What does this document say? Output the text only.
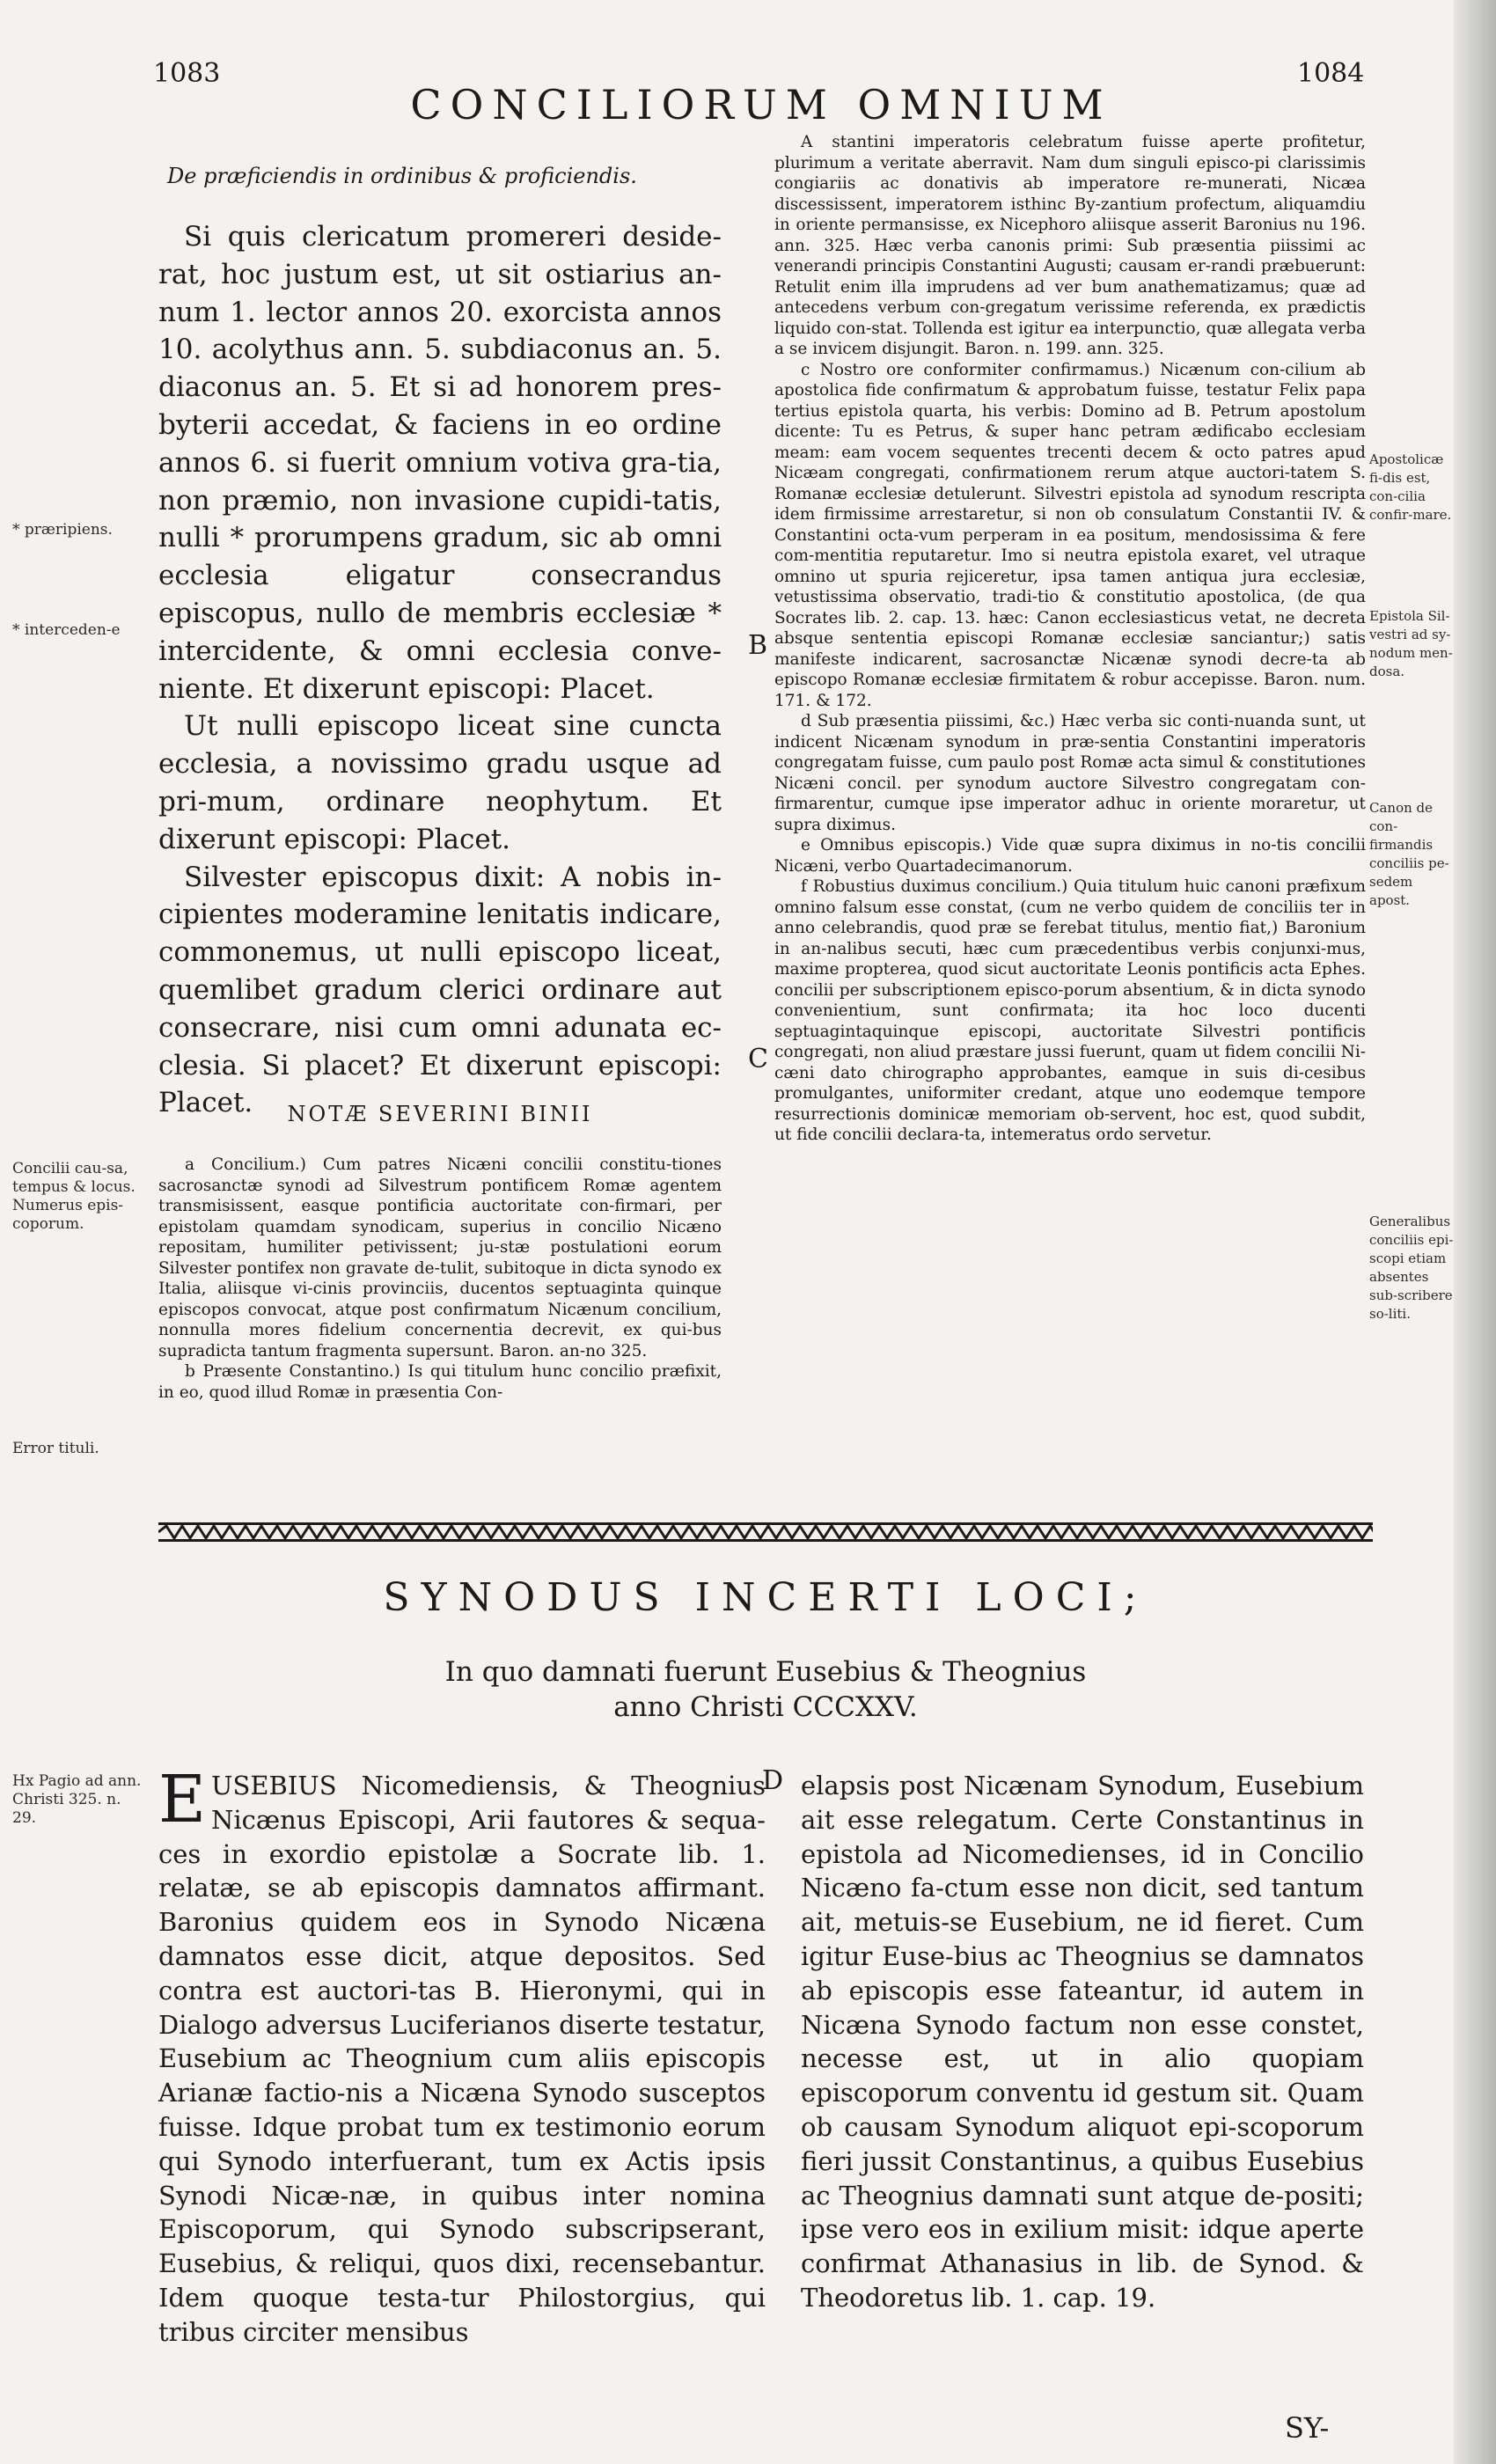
1083
CONCILIORUM OMNIUM
1084
De præficiendis in ordinibus & proficiendis.

Si quis clericatum promereri deside-rat, hoc justum est, ut sit ostiarius an-num 1. lector annos 20. exorcista annos 10. acolythus ann. 5. subdiaconus an. 5. diaconus an. 5. Et si ad honorem pres-byterii accedat, & faciens in eo ordine annos 6. si fuerit omnium votiva gra-tia, non præmio, non invasione cupidi-tatis, nulli * prorumpens gradum, sic ab omni ecclesia eligatur consecrandus episcopus, nullo de membris ecclesiæ * intercidente, & omni ecclesia conve-niente. Et dixerunt episcopi: Placet.

Ut nulli episcopo liceat sine cuncta ecclesia, a novissimo gradu usque ad pri-mum, ordinare neophytum. Et dixerunt episcopi: Placet.

Silvester episcopus dixit: A nobis in-cipientes moderamine lenitatis indicare, commonemus, ut nulli episcopo liceat, quemlibet gradum clerici ordinare aut consecrare, nisi cum omni adunata ec-clesia. Si placet? Et dixerunt episcopi: Placet.

* præripiens.
* interceden-e
NOTÆ SEVERINI BINII

a Concilium.) Cum patres Nicæni concilii constitu-tiones sacrosanctæ synodi ad Silvestrum pontificem Romæ agentem transmisissent, easque pontificia auctoritate con-firmari, per epistolam quamdam synodicam, superius in concilio Nicæno repositam, humiliter petivissent; ju-stæ postulationi eorum Silvester pontifex non gravate de-tulit, subitoque in dicta synodo ex Italia, aliisque vi-cinis provinciis, ducentos septuaginta quinque episcopos convocat, atque post confirmatum Nicænum concilium, nonnulla mores fidelium concernentia decrevit, ex qui-bus supradicta tantum fragmenta supersunt. Baron. an-no 325.

b Præsente Constantino.) Is qui titulum hunc concilio præfixit, in eo, quod illud Romæ in præsentia Con-

Concilii cau-sa, tempus & locus. Numerus epis-coporum.
Error tituli.

A stantini imperatoris celebratum fuisse aperte profitetur, plurimum a veritate aberravit. Nam dum singuli episco-pi clarissimis congiariis ac donativis ab imperatore re-munerati, Nicæa discessissent, imperatorem isthinc By-zantium profectum, aliquamdiu in oriente permansisse, ex Nicephoro aliisque asserit Baronius nu 196. ann. 325. Hæc verba canonis primi: Sub præsentia piissimi ac venerandi principis Constantini Augusti; causam er-randi præbuerunt: Retulit enim illa imprudens ad ver bum anathematizamus; quæ ad antecedens verbum con-gregatum verissime referenda, ex prædictis liquido con-stat. Tollenda est igitur ea interpunctio, quæ allegata verba a se invicem disjungit. Baron. n. 199. ann. 325.

c Nostro ore conformiter confirmamus.) Nicænum con-cilium ab apostolica fide confirmatum & approbatum fuisse, testatur Felix papa tertius epistola quarta, his verbis: Domino ad B. Petrum apostolum dicente: Tu es Petrus, & super hanc petram ædificabo ecclesiam meam: eam vocem sequentes trecenti decem & octo patres apud Nicæam congregati, confirmationem rerum atque auctori-tatem S. Romanæ ecclesiæ detulerunt. Silvestri epistola ad synodum rescripta idem firmissime arrestaretur, si non ob consulatum Constantii IV. & Constantini octa-vum perperam in ea positum, mendosissima & fere com-mentitia reputaretur. Imo si neutra epistola exaret, vel utraque omnino ut spuria rejiceretur, ipsa tamen antiqua jura ecclesiæ, vetustissima observatio, tradi-tio & constitutio apostolica, (de qua Socrates lib. 2. cap. 13. hæc: Canon ecclesiasticus vetat, ne decreta absque sententia episcopi Romanæ ecclesiæ sanciantur;) satis manifeste indicarent, sacrosanctæ Nicænæ synodi decre-ta ab episcopo Romanæ ecclesiæ firmitatem & robur accepisse. Baron. num. 171. & 172.

d Sub præsentia piissimi, &c.) Hæc verba sic conti-nuanda sunt, ut indicent Nicænam synodum in præ-sentia Constantini imperatoris congregatam fuisse, cum paulo post Romæ acta simul & constitutiones Nicæni concil. per synodum auctore Silvestro congregatam con-firmarentur, cumque ipse imperator adhuc in oriente moraretur, ut supra diximus.

e Omnibus episcopis.) Vide quæ supra diximus in no-tis concilii Nicæni, verbo Quartadecimanorum.

f Robustius duximus concilium.) Quia titulum huic canoni præfixum omnino falsum esse constat, (cum ne verbo quidem de conciliis ter in anno celebrandis, quod præ se ferebat titulus, mentio fiat,) Baronium in an-nalibus secuti, hæc cum præcedentibus verbis conjunxi-mus, maxime propterea, quod sicut auctoritate Leonis pontificis acta Ephes. concilii per subscriptionem episco-porum absentium, & in dicta synodo convenientium, sunt confirmata; ita hoc loco ducenti septuagintaquinque episcopi, auctoritate Silvestri pontificis congregati, non aliud præstare jussi fuerunt, quam ut fidem concilii Ni-cæni dato chirographo approbantes, eamque in suis di-cesibus promulgantes, uniformiter credant, atque uno eodemque tempore resurrectionis dominicæ memoriam ob-servent, hoc est, quod subdit, ut fide concilii declara-ta, intemeratus ordo servetur.

B
C
Apostolicæ fi-dis est, con-cilia confir-mare.
Epistola Sil-vestri ad sy-nodum men-dosa.
Canon de con-firmandis conciliis pe-sedem apost.
Generalibus conciliis epi-scopi etiam absentes sub-scribere so-liti.
SYNODUS INCERTI LOCI;
In quo damnati fuerunt Eusebius & Theognius
anno Christi CCCXXV.
Hx Pagio ad ann. Christi 325. n. 29.	E USEBIUS Nicomediensis, & Theognius Nicænus Episcopi, Arii fautores & sequa-ces in exordio epistolæ a Socrate lib. 1. relatæ, se ab episcopis damnatos affirmant. Baronius quidem eos in Synodo Nicæna damnatos esse dicit, atque depositos. Sed contra est auctori-tas B. Hieronymi, qui in Dialogo adversus Luciferianos diserte testatur, Eusebium ac Theognium cum aliis episcopis Arianæ factio-nis a Nicæna Synodo susceptos fuisse. Idque probat tum ex testimonio eorum qui Synodo interfuerant, tum ex Actis ipsis Synodi Nicæ-næ, in quibus inter nomina Episcoporum, qui Synodo subscripserant, Eusebius, & reliqui, quos dixi, recensebantur. Idem quoque testa-tur Philostorgius, qui tribus circiter mensibus

D elapsis post Nicænam Synodum, Eusebium ait esse relegatum. Certe Constantinus in epistola ad Nicomedienses, id in Concilio Nicæno fa-ctum esse non dicit, sed tantum ait, metuis-se Eusebium, ne id fieret. Cum igitur Euse-bius ac Theognius se damnatos ab episcopis esse fateantur, id autem in Nicæna Synodo factum non esse constet, necesse est, ut in alio quopiam episcoporum conventu id gestum sit. Quam ob causam Synodum aliquot epi-scoporum fieri jussit Constantinus, a quibus Eusebius ac Theognius damnati sunt atque de-positi; ipse vero eos in exilium misit: idque aperte confirmat Athanasius in lib. de Synod. & Theodoretus lib. 1. cap. 19.

SY-
